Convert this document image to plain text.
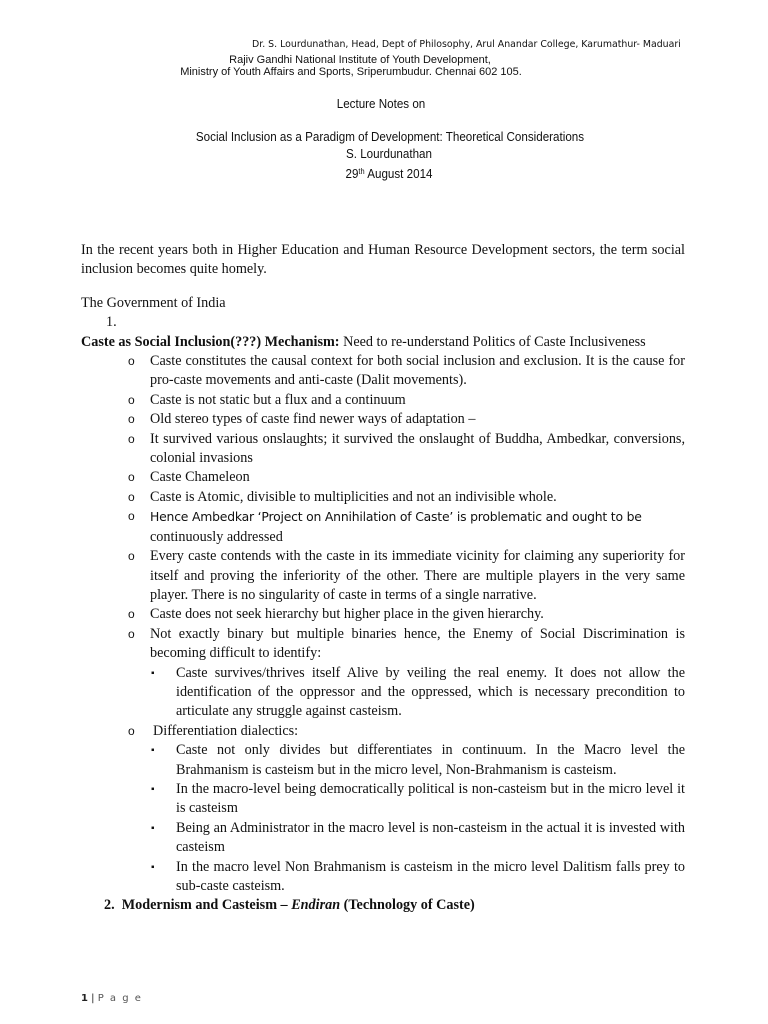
Dr. S. Lourdunathan, Head, Dept of Philosophy, Arul Anandar College, Karumathur- Maduari
Rajiv Gandhi National Institute of Youth Development,
Ministry of Youth Affairs and Sports, Sriperumbudur. Chennai 602 105.
Lecture Notes on
Social Inclusion as a Paradigm of Development: Theoretical Considerations
S. Lourdunathan
29th August 2014

In the recent years both in Higher Education and Human Resource Development sectors, the term social inclusion becomes quite homely.

The Government of India

1.

Caste as Social Inclusion(???) Mechanism: Need to re-understand Politics of Caste Inclusiveness

o Caste constitutes the causal context for both social inclusion and exclusion. It is the cause for pro-caste movements and anti-caste (Dalit movements).
o Caste is not static but a flux and a continuum
o Old stereo types of caste find newer ways of adaptation –
o It survived various onslaughts; it survived the onslaught of Buddha, Ambedkar, conversions, colonial invasions
o Caste Chameleon
o Caste is Atomic, divisible to multiplicities and not an indivisible whole.
o Hence Ambedkar ‘Project on Annihilation of Caste’ is problematic and ought to be
continuously addressed
o Every caste contends with the caste in its immediate vicinity for claiming any superiority for itself and proving the inferiority of the other. There are multiple players in the very same player. There is no singularity of caste in terms of a single narrative.
o Caste does not seek hierarchy but higher place in the given hierarchy.
o Not exactly binary but multiple binaries hence, the Enemy of Social Discrimination is becoming difficult to identify:
▪ Caste survives/thrives itself Alive by veiling the real enemy. It does not allow the identification of the oppressor and the oppressed, which is necessary precondition to articulate any struggle against casteism.
o Differentiation dialectics:
▪ Caste not only divides but differentiates in continuum. In the Macro level the Brahmanism is casteism but in the micro level, Non-Brahmanism is casteism.
▪ In the macro-level being democratically political is non-casteism but in the micro level it is casteism
▪ Being an Administrator in the macro level is non-casteism in the actual it is invested with casteism
▪ In the macro level Non Brahmanism is casteism in the micro level Dalitism falls prey to sub-caste casteism.

2. Modernism and Casteism – Endiran (Technology of Caste)

1 | P a g e
